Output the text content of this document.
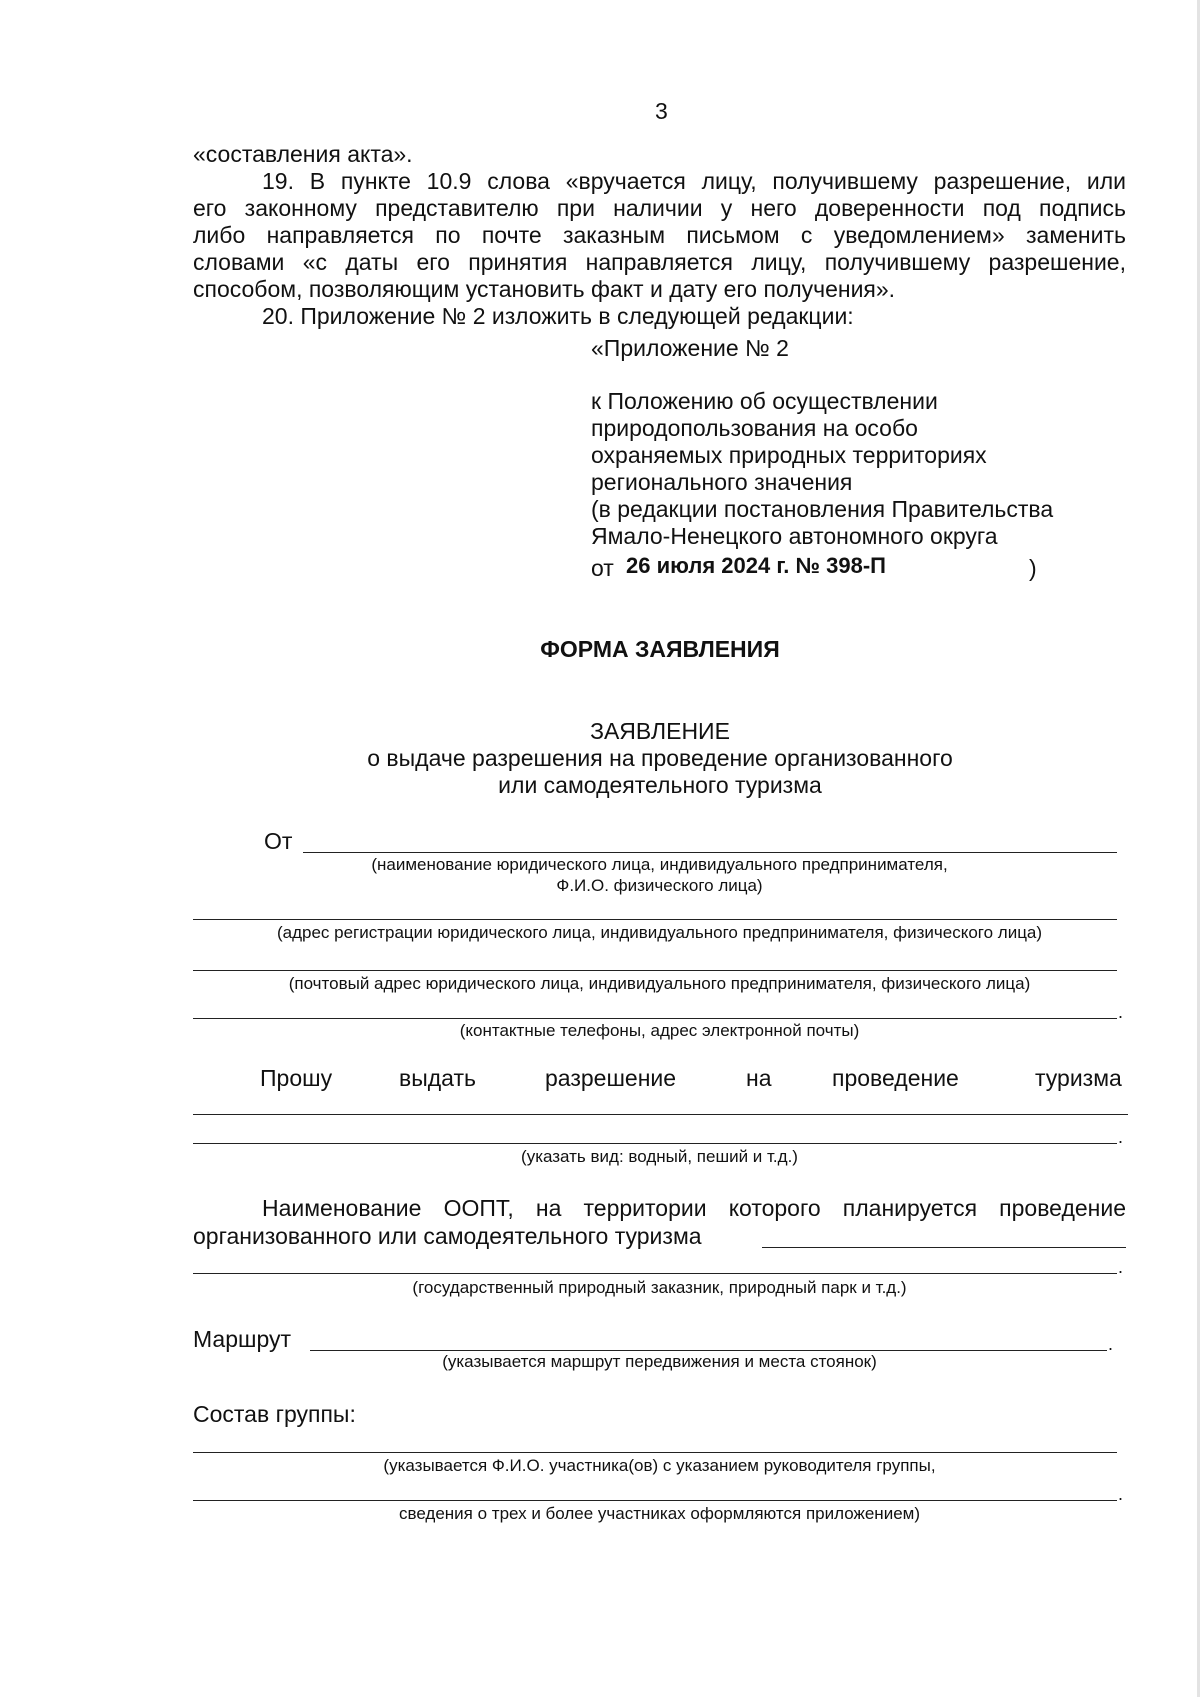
3
«составления акта».
19. В пункте 10.9 слова «вручается лицу, получившему разрешение, или
его законному представителю при наличии у него доверенности под подпись
либо направляется по почте заказным письмом с уведомлением» заменить
словами «с даты его принятия направляется лицу, получившему разрешение,
способом, позволяющим установить факт и дату его получения».
20. Приложение № 2 изложить в следующей редакции:
«Приложение № 2
к Положению об осуществлении
природопользования на особо
охраняемых природных территориях
регионального значения
(в редакции постановления Правительства
Ямало-Ненецкого автономного округа
от 26 июля 2024 г. № 398-П	)
ФОРМА ЗАЯВЛЕНИЯ
ЗАЯВЛЕНИЕ
о выдаче разрешения на проведение организованного
или самодеятельного туризма
От
(наименование юридического лица, индивидуального предпринимателя,
Ф.И.О. физического лица)
(адрес регистрации юридического лица, индивидуального предпринимателя, физического лица)
(почтовый адрес юридического лица, индивидуального предпринимателя, физического лица)
.
(контактные телефоны, адрес электронной почты)
Прошу	выдать	разрешение	на	проведение	туризма
.
(указать вид: водный, пеший и т.д.)
Наименование ООПТ, на территории которого планируется проведение
организованного или самодеятельного туризма
.
(государственный природный заказник, природный парк и т.д.)
Маршрут	.
(указывается маршрут передвижения и места стоянок)
Состав группы:
(указывается Ф.И.О. участника(ов) с указанием руководителя группы,
.
сведения о трех и более участниках оформляются приложением)
